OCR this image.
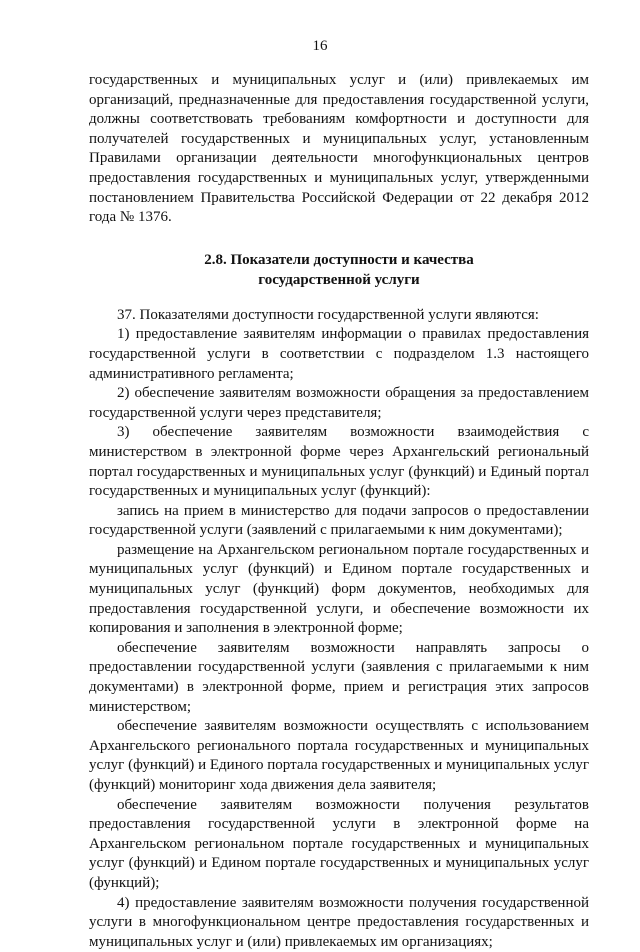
16

государственных и муниципальных услуг и (или) привлекаемых им организаций, предназначенные для предоставления государственной услуги, должны соответствовать требованиям комфортности и доступности для получателей государственных и муниципальных услуг, установленным Правилами организации деятельности многофункциональных центров предоставления государственных и муниципальных услуг, утвержденными постановлением Правительства Российской Федерации от 22 декабря 2012 года № 1376.

2.8. Показатели доступности и качества
государственной услуги

37. Показателями доступности государственной услуги являются:

1) предоставление заявителям информации о правилах предоставления государственной услуги в соответствии с подразделом 1.3 настоящего административного регламента;

2) обеспечение заявителям возможности обращения за предоставлением государственной услуги через представителя;

3) обеспечение заявителям возможности взаимодействия с министерством в электронной форме через Архангельский региональный портал государственных и муниципальных услуг (функций) и Единый портал государственных и муниципальных услуг (функций):

запись на прием в министерство для подачи запросов о предоставлении государственной услуги (заявлений с прилагаемыми к ним документами);

размещение на Архангельском региональном портале государственных и муниципальных услуг (функций) и Едином портале государственных и муниципальных услуг (функций) форм документов, необходимых для предоставления государственной услуги, и обеспечение возможности их копирования и заполнения в электронной форме;

обеспечение заявителям возможности направлять запросы о предоставлении государственной услуги (заявления с прилагаемыми к ним документами) в электронной форме, прием и регистрация этих запросов министерством;

обеспечение заявителям возможности осуществлять с использованием Архангельского регионального портала государственных и муниципальных услуг (функций) и Единого портала государственных и муниципальных услуг (функций) мониторинг хода движения дела заявителя;

обеспечение заявителям возможности получения результатов предоставления государственной услуги в электронной форме на Архангельском региональном портале государственных и муниципальных услуг (функций) и Едином портале государственных и муниципальных услуг (функций);

4) предоставление заявителям возможности получения государственной услуги в многофункциональном центре предоставления государственных и муниципальных услуг и (или) привлекаемых им организациях;
